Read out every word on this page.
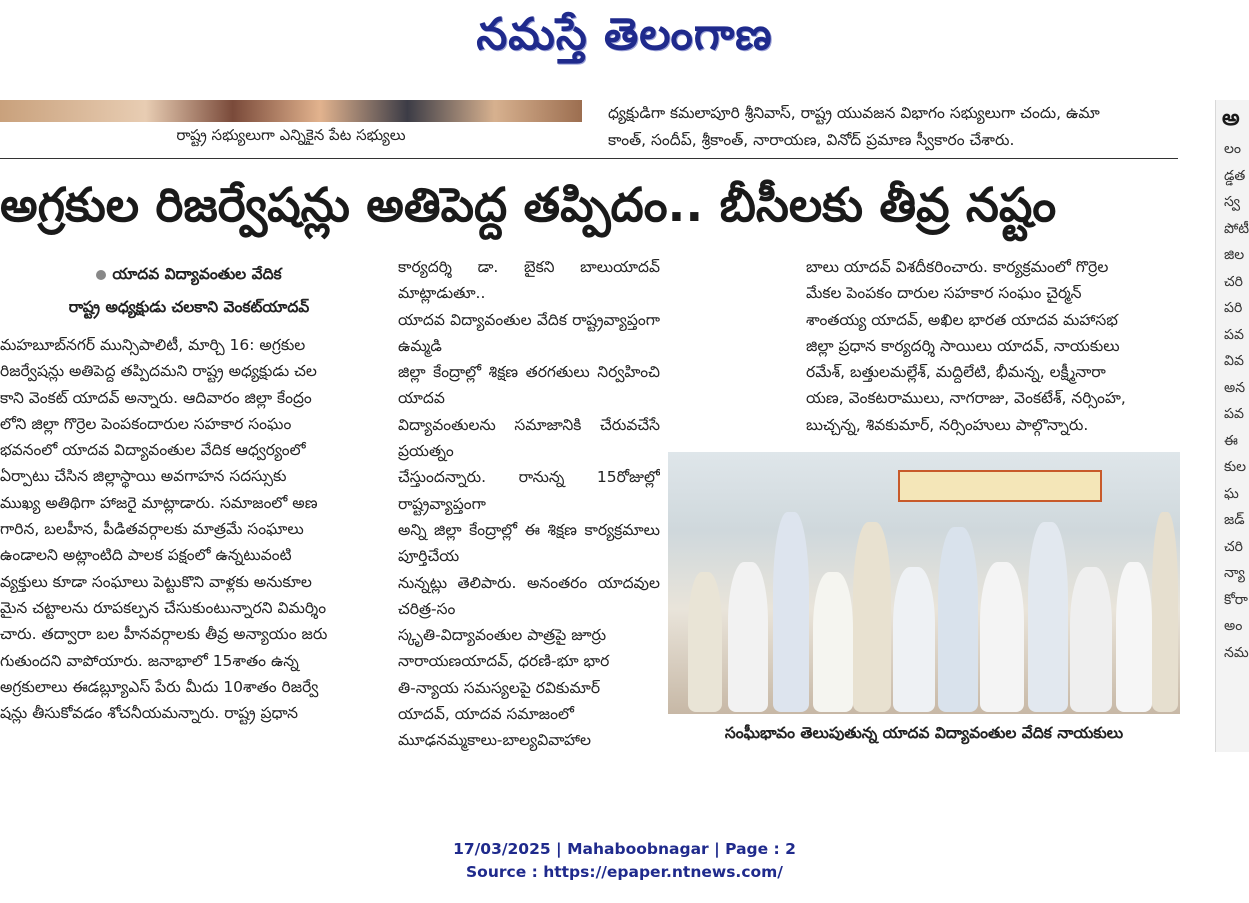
నమస్తే తెలంగాణ
రాష్ట్ర సభ్యులుగా ఎన్నికైన పేట సభ్యులు

ధ్యక్షుడిగా కమలాపూరి శ్రీనివాస్, రాష్ట్ర యువజన విభాగం సభ్యులుగా చందు, ఉమా

కాంత్, సందీప్, శ్రీకాంత్, నారాయణ, వినోద్ ప్రమాణ స్వీకారం చేశారు.

అగ్రకుల రిజర్వేషన్లు అతిపెద్ద తప్పిదం.. బీసీలకు తీవ్ర నష్టం
యాదవ విద్యావంతుల వేదిక
రాష్ట్ర అధ్యక్షుడు చలకాని వెంకట్‌యాదవ్

మహబూబ్‌నగర్ మున్సిపాలిటీ, మార్చి 16: అగ్రకుల

రిజర్వేషన్లు అతిపెద్ద తప్పిదమని రాష్ట్ర అధ్యక్షుడు చల

కాని వెంకట్ యాదవ్ అన్నారు. ఆదివారం జిల్లా కేంద్రం

లోని జిల్లా గొర్రెల పెంపకందారుల సహకార సంఘం

భవనంలో యాదవ విద్యావంతుల వేదిక ఆధ్వర్యంలో

ఏర్పాటు చేసిన జిల్లాస్థాయి అవగాహన సదస్సుకు

ముఖ్య అతిథిగా హాజరై మాట్లాడారు. సమాజంలో అణ

గారిన, బలహీన, పీడితవర్గాలకు మాత్రమే సంఘాలు

ఉండాలని అట్లాంటిది పాలక పక్షంలో ఉన్నటువంటి

వ్యక్తులు కూడా సంఘాలు పెట్టుకొని వాళ్లకు అనుకూల

మైన చట్టాలను రూపకల్పన చేసుకుంటున్నారని విమర్శిం

చారు. తద్వారా బల హీనవర్గాలకు తీవ్ర అన్యాయం జరు

గుతుందని వాపోయారు. జనాభాలో 15శాతం ఉన్న

అగ్రకులాలు ఈడబ్ల్యూఎస్ పేరు మీదు 10శాతం రిజర్వే

షన్లు తీసుకోవడం శోచనీయమన్నారు. రాష్ట్ర ప్రధాన

కార్యదర్శి డా. బైకని బాలుయాదవ్ మాట్లాడుతూ..

యాదవ విద్యావంతుల వేదిక రాష్ట్రవ్యాప్తంగా ఉమ్మడి

జిల్లా కేంద్రాల్లో శిక్షణ తరగతులు నిర్వహించి యాదవ

విద్యావంతులను సమాజానికి చేరువచేసే ప్రయత్నం

చేస్తుందన్నారు. రానున్న 15రోజుల్లో రాష్ట్రవ్యాప్తంగా

అన్ని జిల్లా కేంద్రాల్లో ఈ శిక్షణ కార్యక్రమాలు పూర్తిచేయ

నున్నట్లు తెలిపారు. అనంతరం యాదవుల చరిత్ర-సం

స్కృతి-విద్యావంతుల పాత్రపై జూర్రు

నారాయణయాదవ్, ధరణి-భూ భార

తి-న్యాయ సమస్యలపై రవికుమార్

యాదవ్, యాదవ సమాజంలో

మూఢనమ్మకాలు-బాల్యవివాహాల

బాలు యాదవ్ విశదీకరించారు. కార్యక్రమంలో గొర్రెల

మేకల పెంపకం దారుల సహకార సంఘం చైర్మన్

శాంతయ్య యాదవ్, అఖిల భారత యాదవ మహాసభ

జిల్లా ప్రధాన కార్యదర్శి సాయిలు యాదవ్, నాయకులు

రమేశ్, బత్తులమల్లేశ్, మద్దిలేటి, భీమన్న, లక్ష్మీనారా

యణ, వెంకటరాములు, నాగరాజు, వెంకటేశ్, నర్సింహ,

బుచ్చన్న, శివకుమార్, నర్సింహులు పాల్గొన్నారు.

సంఘీభావం తెలుపుతున్న యాదవ విద్యావంతుల వేదిక నాయకులు
అ
లం
డ్డత
స్వ
పోటీ
జిల
చరి
పరి
పవ
వివ
అన
పవ
ఈ
కుల
ఘ
జడ్
చరి
న్యా
కోరా
అం
నమ
17/03/2025 | Mahaboobnagar | Page : 2
Source : https://epaper.ntnews.com/
